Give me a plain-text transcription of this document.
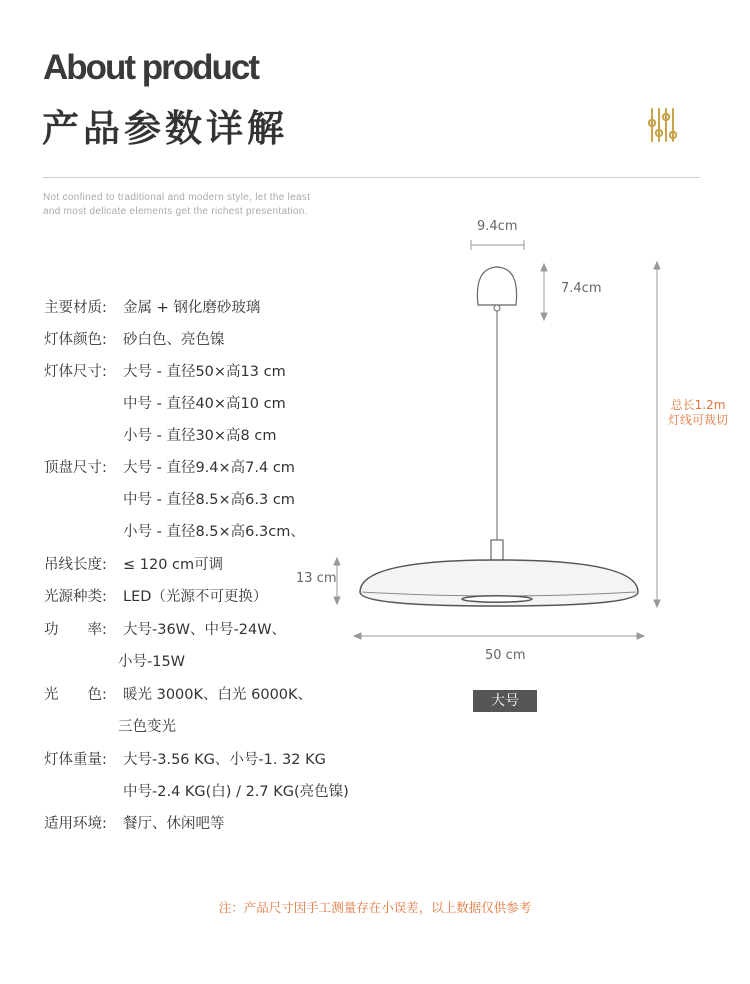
About product
产品参数详解
Not confined to traditional and modern style, let the least and most delicate elements get the richest presentation.
主要材质: 金属 + 钢化磨砂玻璃
灯体颜色: 砂白色、亮色镍
灯体尺寸: 大号 - 直径50×高13 cm
中号 - 直径40×高10 cm
小号 - 直径30×高8 cm
顶盘尺寸: 大号 - 直径9.4×高7.4 cm
中号 - 直径8.5×高6.3 cm
小号 - 直径8.5×高6.3cm、
吊线长度: ≤ 120 cm可调
光源种类: LED（光源不可更换）
功　　率: 大号-36W、中号-24W、
小号-15W
光　　色: 暖光 3000K、白光 6000K、
三色变光
灯体重量: 大号-3.56 KG、小号-1. 32 KG
中号-2.4 KG(白) / 2.7 KG(亮色镍)
适用环境: 餐厅、休闲吧等
9.4cm
7.4cm
总长1.2m
灯线可裁切
13 cm
50 cm
大号
注：产品尺寸因手工测量存在小误差，以上数据仅供参考
